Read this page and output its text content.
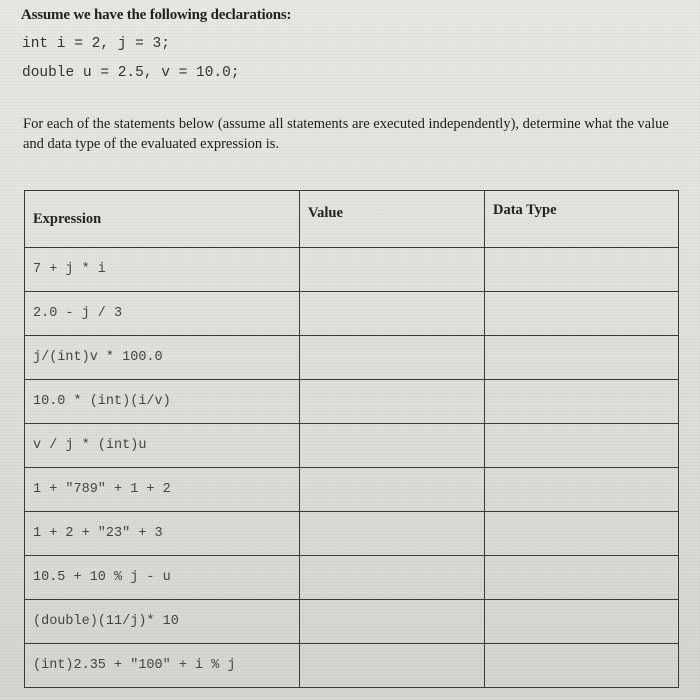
Assume we have the following declarations:
int i = 2, j = 3;
double u = 2.5, v = 10.0;
For each of the statements below (assume all statements are executed independently), determine what the value and data type of the evaluated expression is.
Expression	Value	Data Type
7 + j * i		
2.0 - j / 3		
j/(int)v * 100.0		
10.0 * (int)(i/v)		
v / j * (int)u		
1 + "789" + 1 + 2		
1 + 2 + "23" + 3		
10.5 + 10 % j - u		
(double)(11/j)* 10		
(int)2.35 + "100" + i % j		
